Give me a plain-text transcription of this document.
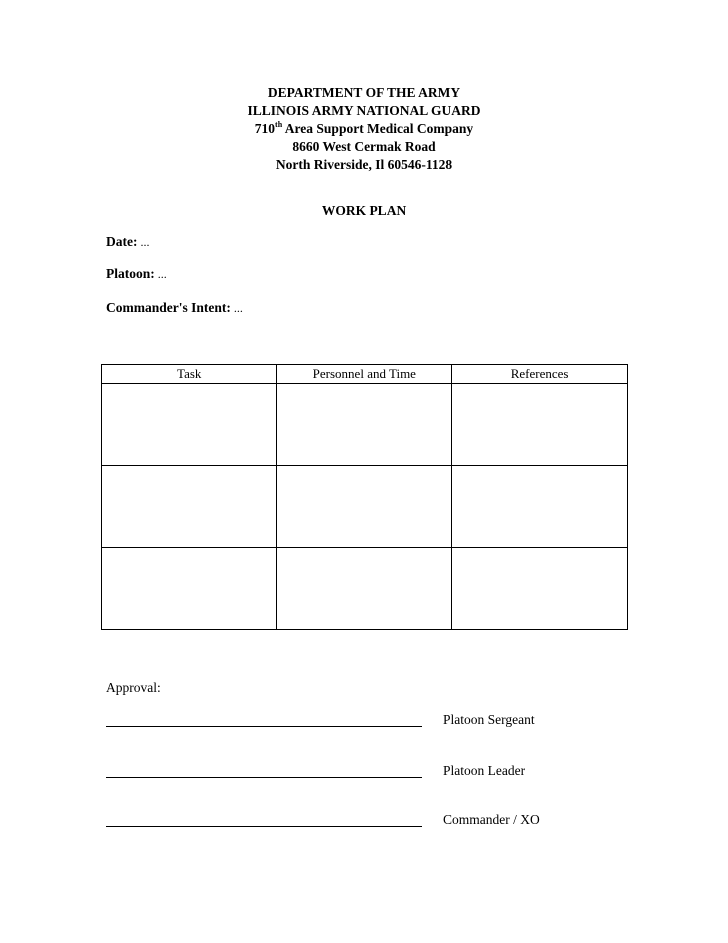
DEPARTMENT OF THE ARMY
ILLINOIS ARMY NATIONAL GUARD
710th Area Support Medical Company
8660 West Cermak Road
North Riverside, Il 60546-1128
WORK PLAN
Date: ...
Platoon: ...
Commander's Intent: ...
Task	Personnel and Time	References

Approval:
Platoon Sergeant
Platoon Leader
Commander / XO
